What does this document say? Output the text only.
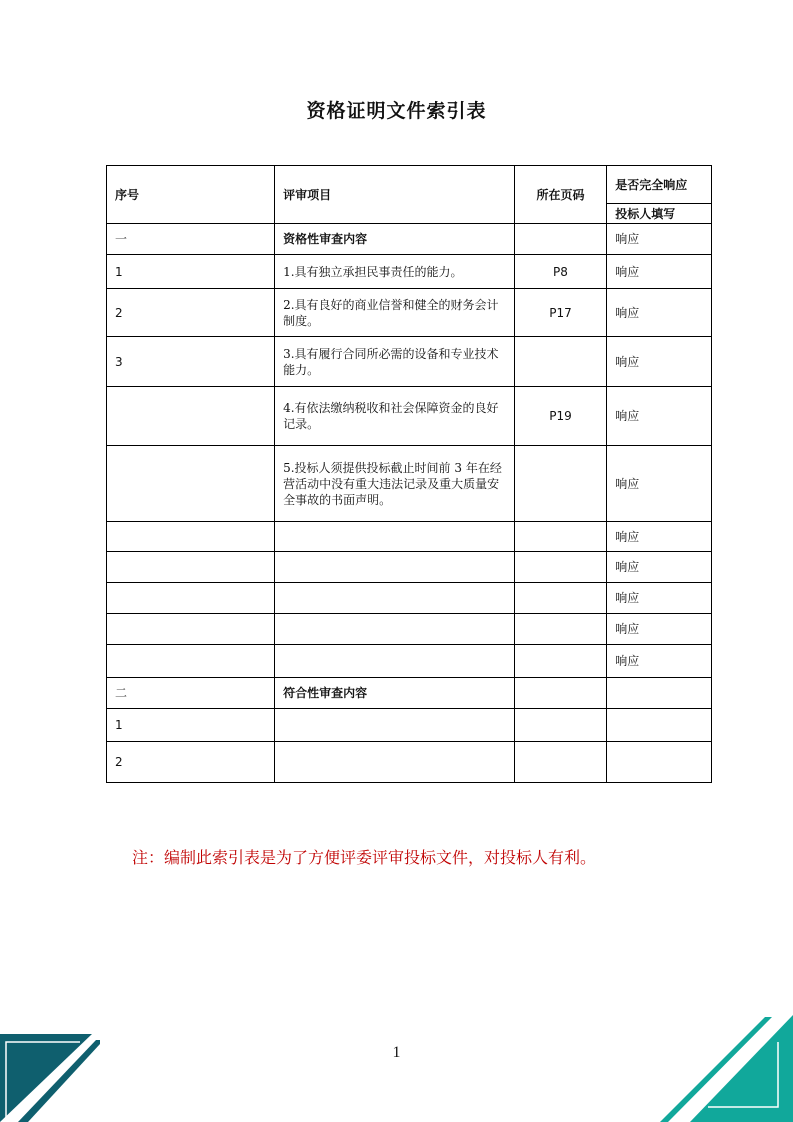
资格证明文件索引表
序号	评审项目	所在页码	是否完全响应
			投标人填写
一	资格性审查内容		响应
1	1.具有独立承担民事责任的能力。	P8	响应
2	2.具有良好的商业信誉和健全的财务会计制度。	P17	响应
3	3.具有履行合同所必需的设备和专业技术能力。		响应
	4.有依法缴纳税收和社会保障资金的良好记录。	P19	响应
	5.投标人须提供投标截止时间前 3 年在经营活动中没有重大违法记录及重大质量安全事故的书面声明。		响应
			响应
			响应
			响应
			响应
			响应
二	符合性审查内容		
1			
2			
注：编制此索引表是为了方便评委评审投标文件，对投标人有利。
1
